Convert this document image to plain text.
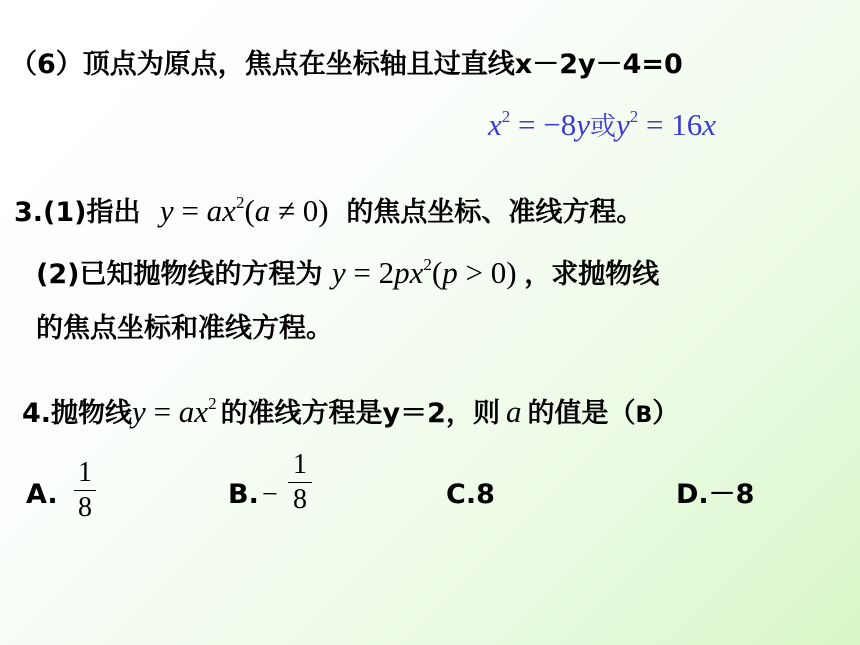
（6）顶点为原点，焦点在坐标轴且过直线x－2y－4=0
$x^2 = -8y$或$y^2 = 16x$
3.(1)指出 $y = ax^2(a \ne 0)$ 的焦点坐标、准线方程。
(2)已知抛物线的方程为 $y = 2px^2(p > 0)$ ，求抛物线
的焦点坐标和准线方程。
4.抛物线$y = ax^2$ 的准线方程是y＝2，则 a 的值是（B）
A.
1
8	B. −
1
8	C.8	D.－8
